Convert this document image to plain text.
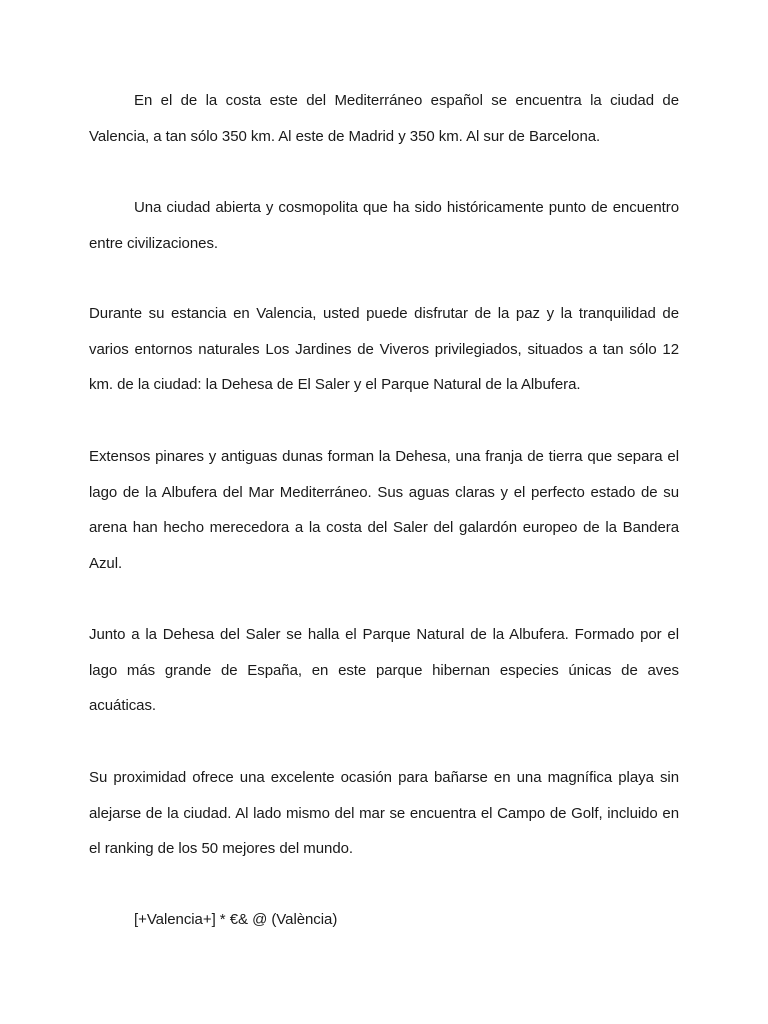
En el de la costa este del Mediterráneo español se encuentra la ciudad de Valencia, a tan sólo 350 km. Al este de Madrid y 350 km. Al sur de Barcelona.

Una ciudad abierta y cosmopolita que ha sido históricamente punto de encuentro entre civilizaciones.

Durante su estancia en Valencia, usted puede disfrutar de la paz y la tranquilidad de varios entornos naturales Los Jardines de Viveros privilegiados, situados a tan sólo 12 km. de la ciudad: la Dehesa de El Saler y el Parque Natural de la Albufera.

Extensos pinares y antiguas dunas forman la Dehesa, una franja de tierra que separa el lago de la Albufera del Mar Mediterráneo. Sus aguas claras y el perfecto estado de su arena han hecho merecedora a la costa del Saler del galardón europeo de la Bandera Azul.

Junto a la Dehesa del Saler se halla el Parque Natural de la Albufera. Formado por el lago más grande de España, en este parque hibernan especies únicas de aves acuáticas.

Su proximidad ofrece una excelente ocasión para bañarse en una magnífica playa sin alejarse de la ciudad. Al lado mismo del mar se encuentra el Campo de Golf, incluido en el ranking de los 50 mejores del mundo.

[+Valencia+] * €& @ (València)
